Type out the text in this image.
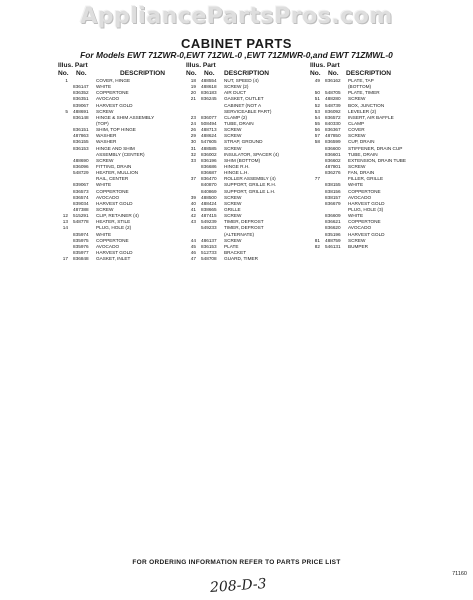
AppliancePartsPros.com
CABINET PARTS
For Models EWT 71ZWR-0,EWT 71ZWL-0 ,EWT 71ZMWR-0,and EWT 71ZMWL-0
Illus. Part
No. No.	DESCRIPTION
1	COVER, HINGE
836147 WHITE
836352 COPPERTONE
836351 AVOCADO
839067 HARVEST GOLD
5 488691 SCREW
836148 HINGE & SHIM ASSEMBLY
(TOP)
836151 SHIM, TOP HINGE
487863 WASHER
836155 WASHER
836153 HINGE AND SHIM
ASSEMBLY (CENTER)
488690 SCREW
836096 FITTING, DRAIN
548729 HEATER, MULLION
RAIL, CENTER
839067 WHITE
836573 COPPERTONE
836574 AVOCADO
839034 HARVEST GOLD
487388 SCREW
12 515291 CLIP, RETAINER (4)
13 548778 HEATER, STILE
14	PLUG, HOLE (2)
835974 WHITE
835975 COPPERTONE
835976 AVOCADO
835977 HARVEST GOLD
17 836848 GASKET, INLET
Illus. Part
No. No. DESCRIPTION
18 488554 NUT, SPEED (4)
19 488618 SCREW (2)
20 836183 AIR DUCT
21 836245 GASKET, OUTLET
CABINET (NOT A
SERVICEABLE PART)
23 836077 CLAMP (2)
24 508494 TUBE, DRAIN
26 488713 SCREW
29 488624 SCREW
30 547605 STRAP, GROUND
31 488585 SCREW
32 836002 INSULATOR, SPACER (4)
33 836196 SHIM (BOTTOM)
836686 HINGE R.H.
836687 HINGE L.H.
37 836470 ROLLER ASSEMBLY (4)
840870 SUPPORT, GRILLE R.H.
840869 SUPPORT, GRILLE L.H.
39 488500 SCREW
40 488424 SCREW
41 838665 GRILLE
42 487415 SCREW
43 549239 TIMER, DEFROST
549233 TIMER, DEFROST
(ALTERNATE)
44 486137 SCREW
45 836153 PLATE
46 512733 BRACKET
47 548708 GUARD, TIMER
Illus. Part
No. No. DESCRIPTION
49 836162 PLATE, TAP
(BOTTOM)
50 548705 PLATE, TIMER
51 488280 SCREW
52 548739 BOX, JUNCTION
53 836092 LEVELER (2)
54 836572 INSERT, AIR BAFFLE
55 840330 CLAMP
56 836367 COVER
57 487850 SCREW
58 836599 CUP, DRAIN
836600 STIFFENER, DRAIN CUP
836601 TUBE, DRAIN
836602 EXTENSION, DRAIN TUBE
487801 SCREW
836276 FAN, DRAIN
77	FILLER, GRILLE
838155 WHITE
838156 COPPERTONE
838157 AVOCADO
836679 HARVEST GOLD
PLUG, HOLE (3)
836609 WHITE
836621 COPPERTONE
836620 AVOCADO
835196 HARVEST GOLD
81 488759 SCREW
82 546131 BUMPER
FOR ORDERING INFORMATION REFER TO PARTS PRICE LIST
71160
208-D-3
